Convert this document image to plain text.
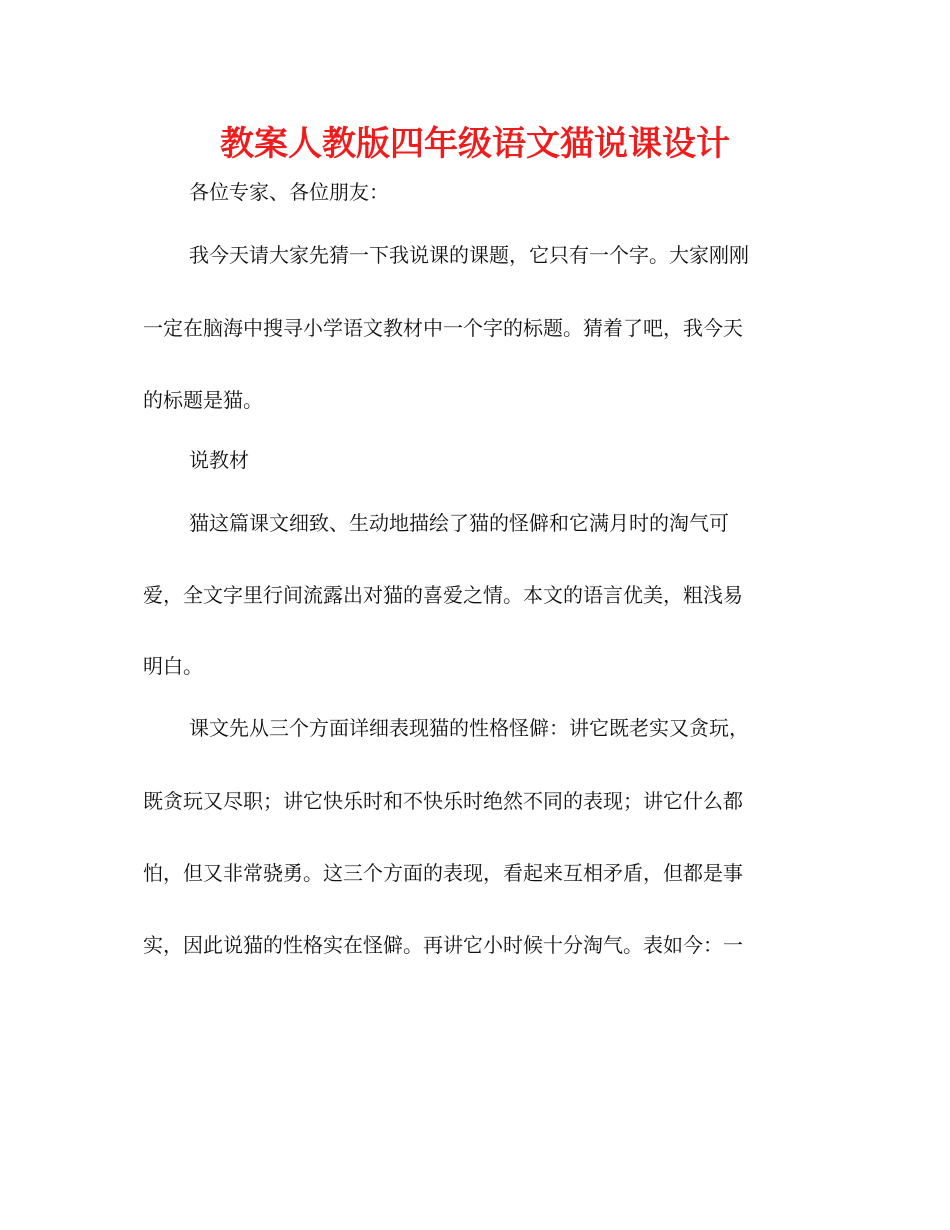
教案人教版四年级语文猫说课设计
各位专家、各位朋友：
我今天请大家先猜一下我说课的课题，它只有一个字。大家刚刚
一定在脑海中搜寻小学语文教材中一个字的标题。猜着了吧，我今天
的标题是猫。
说教材
猫这篇课文细致、生动地描绘了猫的怪僻和它满月时的淘气可
爱，全文字里行间流露出对猫的喜爱之情。本文的语言优美，粗浅易
明白。
课文先从三个方面详细表现猫的性格怪僻：讲它既老实又贪玩，
既贪玩又尽职；讲它快乐时和不快乐时绝然不同的表现；讲它什么都
怕，但又非常骁勇。这三个方面的表现，看起来互相矛盾，但都是事
实，因此说猫的性格实在怪僻。再讲它小时候十分淘气。表如今：一
